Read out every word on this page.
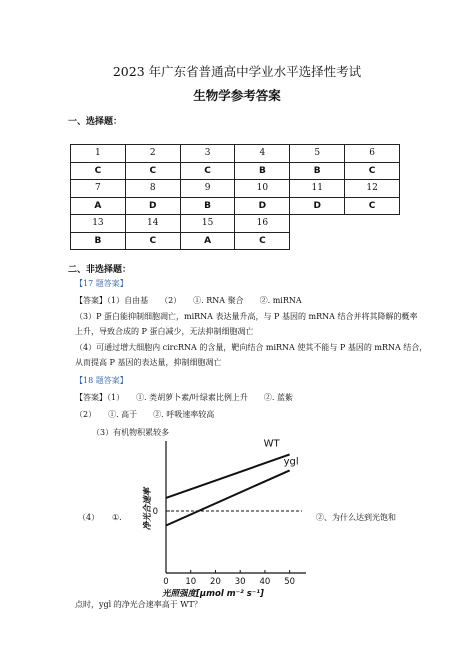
2023 年广东省普通高中学业水平选择性考试
生物学参考答案
一、选择题：
1	2	3	4	5	6
C	C	C	B	B	C
7	8	9	10	11	12
A	D	B	D	D	C
13	14	15	16		
B	C	A	C		
二、非选择题：
【17 题答案】
【答案】（1）自由基　　（2）　　①. RNA 聚合　　②. miRNA
（3）P 蛋白能抑制细胞凋亡，miRNA 表达量升高，与 P 基因的 mRNA 结合并将其降解的概率
上升，导致合成的 P 蛋白减少，无法抑制细胞凋亡
（4）可通过增大细胞内 circRNA 的含量，靶向结合 miRNA 使其不能与 P 基因的 mRNA 结合，
从而提高 P 基因的表达量，抑制细胞凋亡
【18 题答案】
【答案】（1）　　①. 类胡萝卜素/叶绿素比例上升　　②. 蓝紫
（2）　　①. 高于　　②. 呼吸速率较高
（3）有机物积累较多
（4） ①.	②、为什么达到光饱和
点时，ygl 的净光合速率高于 WT？
0 10 20 30 40 50
0
WT
ygl
光照强度[μmol m⁻² s⁻¹]
净光合速率
